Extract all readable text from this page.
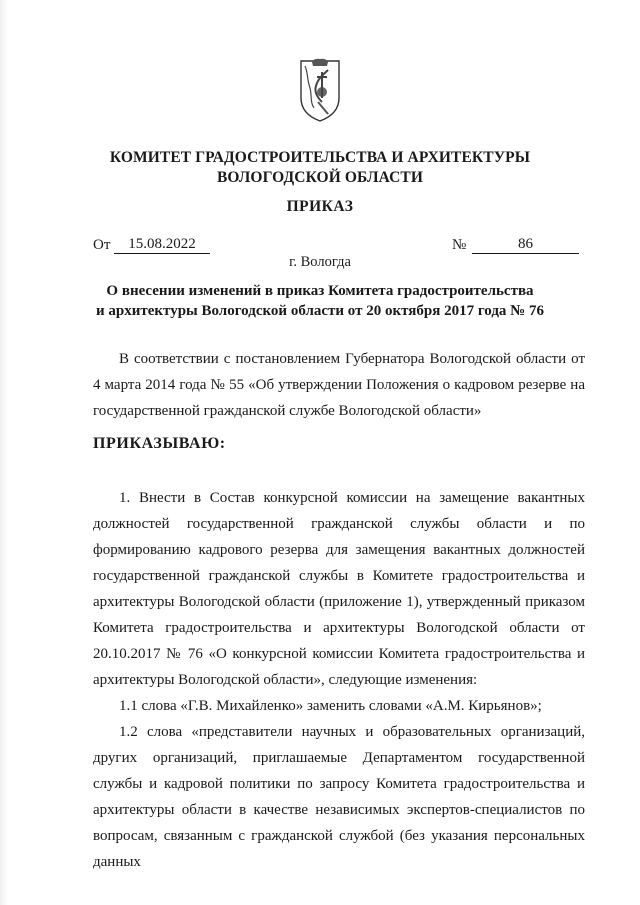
КОМИТЕТ ГРАДОСТРОИТЕЛЬСТВА И АРХИТЕКТУРЫ
ВОЛОГОДСКОЙ ОБЛАСТИ
ПРИКАЗ
От	15.08.2022	№	86
г. Вологда
О внесении изменений в приказ Комитета градостроительства
и архитектуры Вологодской области от 20 октября 2017 года № 76

В соответствии с постановлением Губернатора Вологодской области от 4 марта 2014 года № 55 «Об утверждении Положения о кадровом резерве на государственной гражданской службе Вологодской области»

ПРИКАЗЫВАЮ:

1. Внести в Состав конкурсной комиссии на замещение вакантных должностей государственной гражданской службы области и по формированию кадрового резерва для замещения вакантных должностей государственной гражданской службы в Комитете градостроительства и архитектуры Вологодской области (приложение 1), утвержденный приказом Комитета градостроительства и архитектуры Вологодской области от 20.10.2017 № 76 «О конкурсной комиссии Комитета градостроительства и архитектуры Вологодской области», следующие изменения:

1.1 слова «Г.В. Михайленко» заменить словами «А.М. Кирьянов»;

1.2 слова «представители научных и образовательных организаций, других организаций, приглашаемые Департаментом государственной службы и кадровой политики по запросу Комитета градостроительства и архитектуры области в качестве независимых экспертов-специалистов по вопросам, связанным с гражданской службой (без указания персональных данных
